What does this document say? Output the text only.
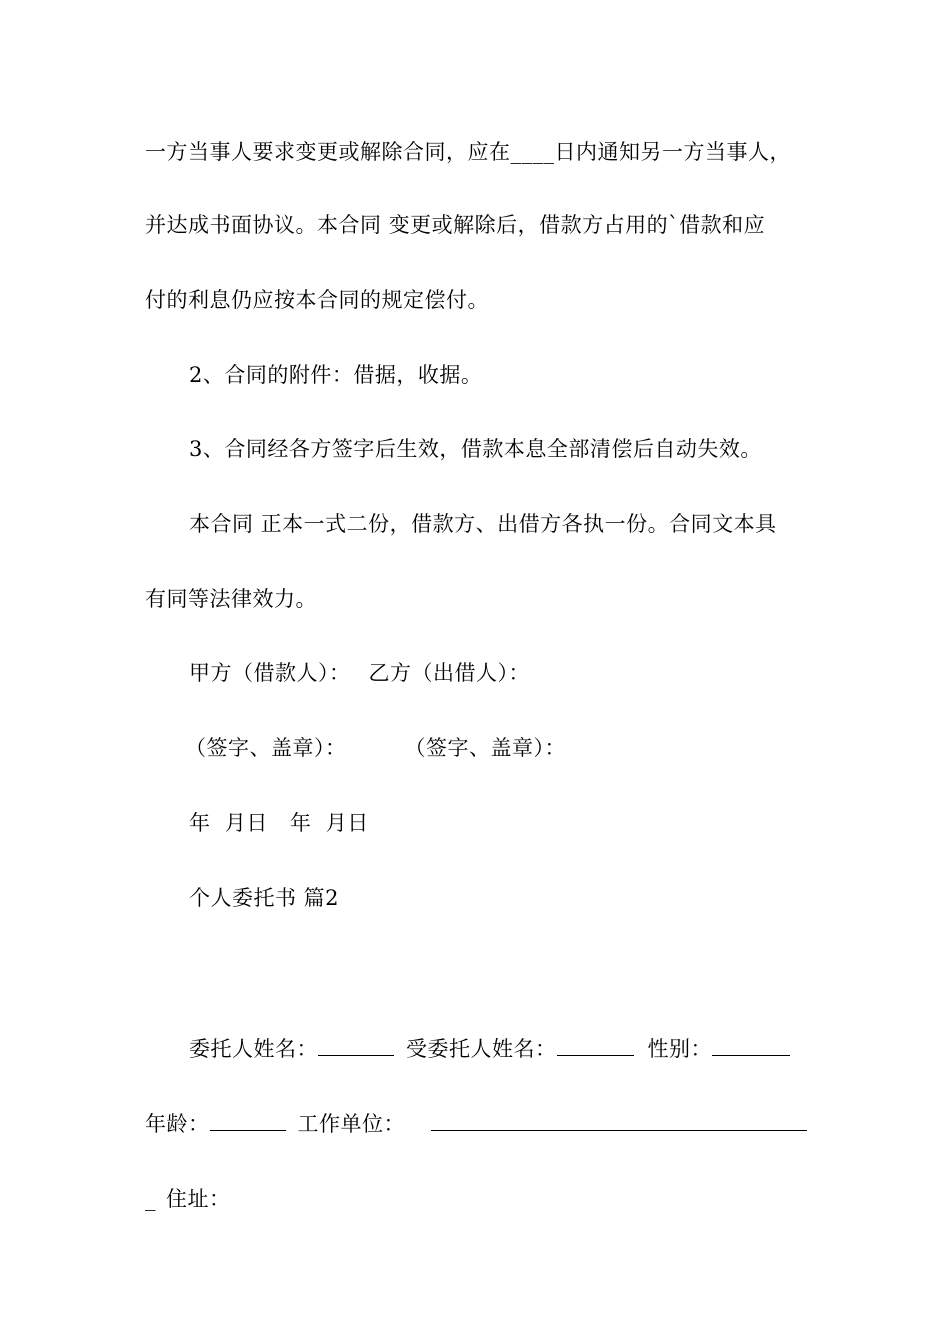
一方当事人要求变更或解除合同，应在____日内通知另一方当事人，
并达成书面协议。本合同 变更或解除后，借款方占用的`借款和应
付的利息仍应按本合同的规定偿付。
2、合同的附件：借据，收据。
3、合同经各方签字后生效，借款本息全部清偿后自动失效。
本合同 正本一式二份，借款方、出借方各执一份。合同文本具
有同等法律效力。
甲方（借款人）： 乙方（出借人）：
（签字、盖章）：	（签字、盖章）：
年  月日 年  月日
个人委托书 篇2
委托人姓名：	受委托人姓名：	性别：
年龄：	工作单位：
_ 住址：
